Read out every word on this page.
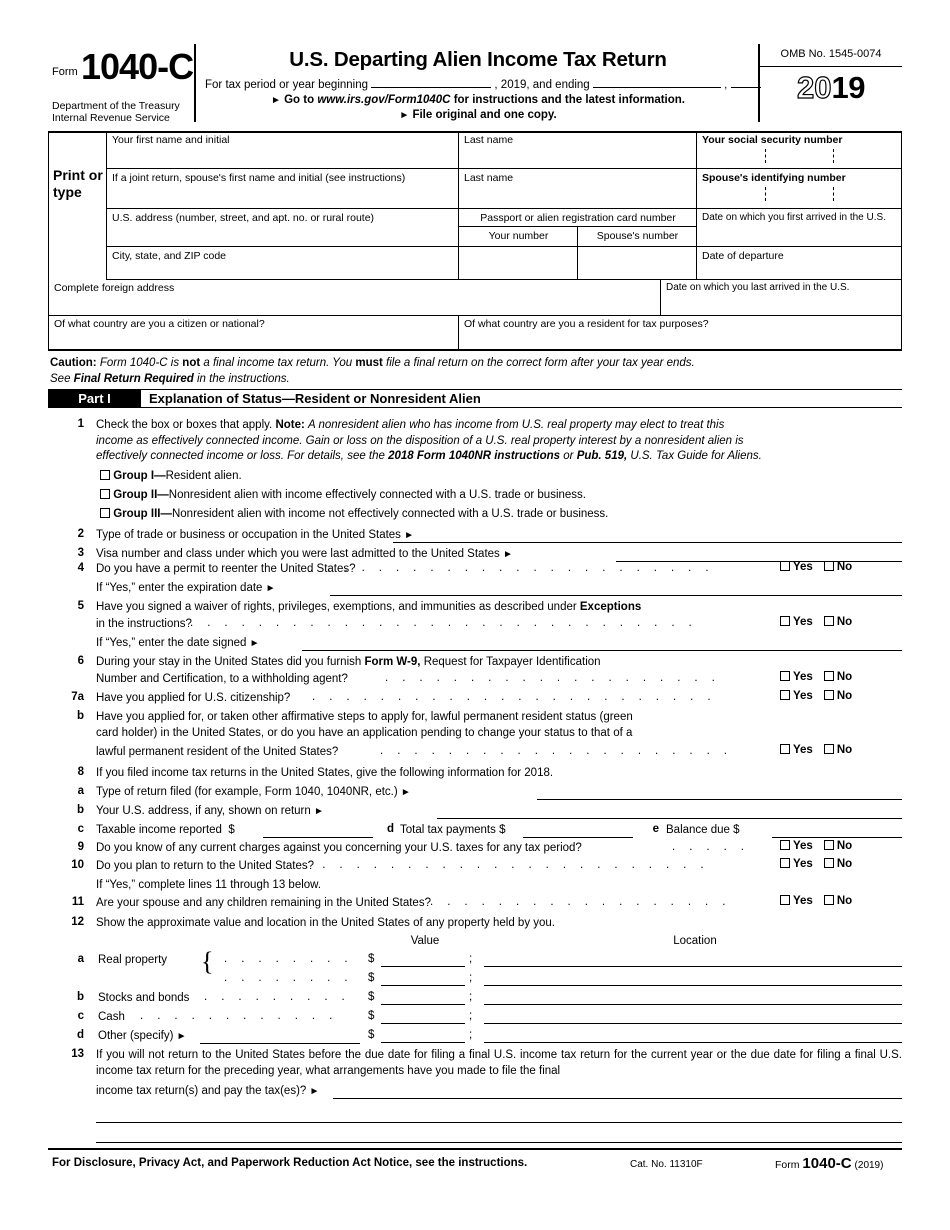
Form 1040-C
Department of the Treasury
Internal Revenue Service
U.S. Departing Alien Income Tax Return
For tax period or year beginning	, 2019, and ending	,
► Go to www.irs.gov/Form1040C for instructions and the latest information.
► File original and one copy.
OMB No. 1545-0074
2019
Print or type
Your first name and initial	Last name	Your social security number
If a joint return, spouse's first name and initial (see instructions)	Last name	Spouse's identifying number
U.S. address (number, street, and apt. no. or rural route)	Passport or alien registration card number
Your number	Spouse's number
Date on which you first arrived in the U.S.
City, state, and ZIP code	Date of departure
Complete foreign address	Date on which you last arrived in the U.S.
Of what country are you a citizen or national?	Of what country are you a resident for tax purposes?
Caution: Form 1040-C is not a final income tax return. You must file a final return on the correct form after your tax year ends.
See Final Return Required in the instructions.
Part I	Explanation of Status—Resident or Nonresident Alien
1 Check the box or boxes that apply. Note: A nonresident alien who has income from U.S. real property may elect to treat this
income as effectively connected income. Gain or loss on the disposition of a U.S. real property interest by a nonresident alien is
effectively connected income or loss. For details, see the 2018 Form 1040NR instructions or Pub. 519, U.S. Tax Guide for Aliens.
Group I—Resident alien.
Group II—Nonresident alien with income effectively connected with a U.S. trade or business.
Group III—Nonresident alien with income not effectively connected with a U.S. trade or business.
2 Type of trade or business or occupation in the United States ►
3 Visa number and class under which you were last admitted to the United States ►
4 Do you have a permit to reenter the United States?
. . . . . . . . . . . . . . . . . . . . . . . .	Yes No
If “Yes,” enter the expiration date ►
5 Have you signed a waiver of rights, privileges, exemptions, and immunities as described under Exceptions
in the instructions?
. . . . . . . . . . . . . . . . . . . . . . . . . . . . . .	Yes No
If “Yes,” enter the date signed ►
6 During your stay in the United States did you furnish Form W-9, Request for Taxpayer Identification
Number and Certification, to a withholding agent?	. . . . . . . . . . . . . . . . . . . .	Yes No
7a Have you applied for U.S. citizenship? . . . . . . . . . . . . . . . . . . . . . . . .	Yes No
b Have you applied for, or taken other affirmative steps to apply for, lawful permanent resident status (green
card holder) in the United States, or do you have an application pending to change your status to that of a
lawful permanent resident of the United States?	. . . . . . . . . . . . . . . . . . . . .	Yes No
8 If you filed income tax returns in the United States, give the following information for 2018.
a Type of return filed (for example, Form 1040, 1040NR, etc.) ►
b Your U.S. address, if any, shown on return ►
c Taxable income reported $	d Total tax payments $	e Balance due $
9 Do you know of any current charges against you concerning your U.S. taxes for any tax period?	. . . . .	Yes No
10 Do you plan to return to the United States?
. . . . . . . . . . . . . . . . . . . . . . . .	Yes No
If “Yes,” complete lines 11 through 13 below.
11 Are your spouse and any children remaining in the United States? . . . . . . . . . . . . . . . . . .	Yes No
12 Show the approximate value and location in the United States of any property held by you.
Value	Location
a Real property { . . . . . . . .	$	;
. . . . . . . .	$	;
b Stocks and bonds . . . . . . . . .	$	;
c Cash . . . . . . . . . . . .	$	;
d Other (specify) ►	$	;
13 If you will not return to the United States before the due date for filing a final U.S. income tax return for the current year or the due date for filing a final U.S. income tax return for the preceding year, what arrangements have you made to file the final
income tax return(s) and pay the tax(es)? ►
For Disclosure, Privacy Act, and Paperwork Reduction Act Notice, see the instructions.	Cat. No. 11310F	Form 1040-C (2019)
